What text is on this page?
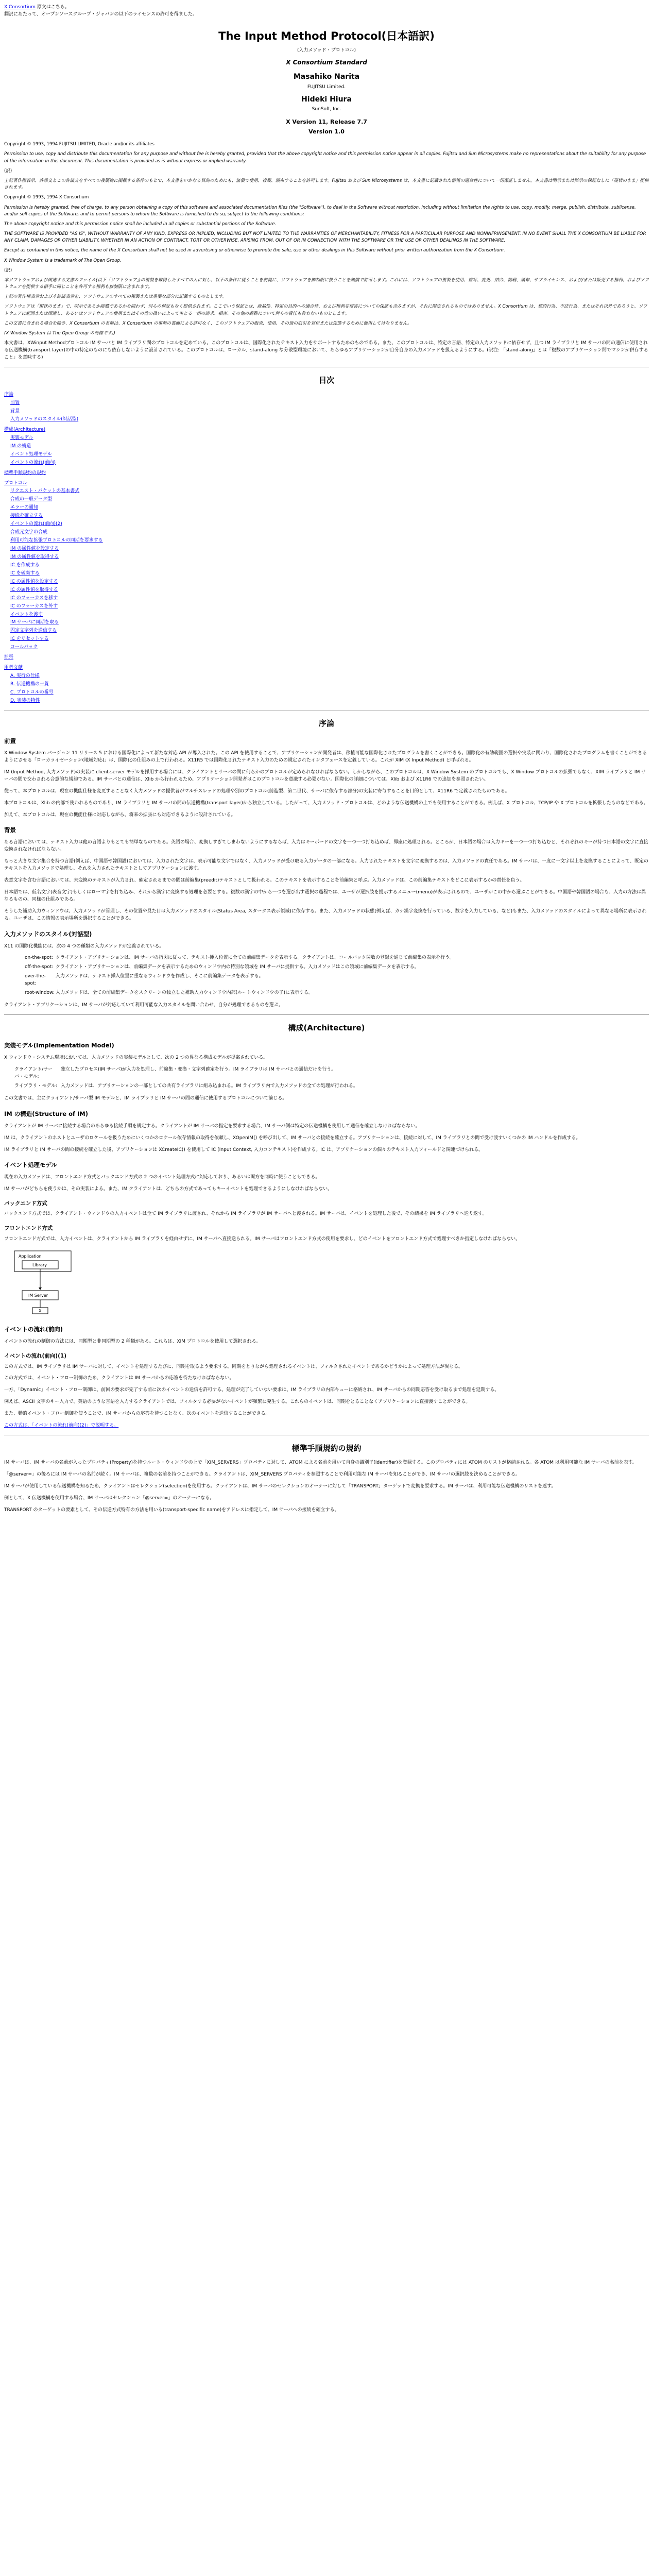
X Consortium 原文はこちら。

翻訳にあたって、オープンソースグループ・ジャパンの以下のライセンスの許可を得ました。

The Input Method Protocol(日本語訳)
(入力メソッド・プロトコル)
X Consortium Standard
Masahiko Narita
FUJITSU Limited.
Hideki Hiura
SunSoft, Inc.
X Version 11, Release 7.7
Version 1.0

Copyright © 1993, 1994 FUJITSU LIMITED, Oracle and/or its affiliates

Permission to use, copy and distribute this documentation for any purpose and without fee is hereby granted, provided that the above copyright notice and this permission notice appear in all copies. Fujitsu and Sun Microsystems make no representations about the suitability for any purpose of the information in this document. This documentation is provided as is without express or implied warranty.

(訳)

上記著作権表示、許諾文とこの許諾文をすべての複製物に掲載する条件のもとで、本文書をいかなる目的のためにも、無償で使用、複製、頒布することを許可します。Fujitsu および Sun Microsystems は、本文書に記載された情報の適合性について一切保証しません。本文書は明示または黙示の保証なしに「現状のまま」提供されます。

Copyright © 1993, 1994 X Consortium

Permission is hereby granted, free of charge, to any person obtaining a copy of this software and associated documentation files (the "Software"), to deal in the Software without restriction, including without limitation the rights to use, copy, modify, merge, publish, distribute, sublicense, and/or sell copies of the Software, and to permit persons to whom the Software is furnished to do so, subject to the following conditions:

The above copyright notice and this permission notice shall be included in all copies or substantial portions of the Software.

THE SOFTWARE IS PROVIDED "AS IS", WITHOUT WARRANTY OF ANY KIND, EXPRESS OR IMPLIED, INCLUDING BUT NOT LIMITED TO THE WARRANTIES OF MERCHANTABILITY, FITNESS FOR A PARTICULAR PURPOSE AND NONINFRINGEMENT. IN NO EVENT SHALL THE X CONSORTIUM BE LIABLE FOR ANY CLAIM, DAMAGES OR OTHER LIABILITY, WHETHER IN AN ACTION OF CONTRACT, TORT OR OTHERWISE, ARISING FROM, OUT OF OR IN CONNECTION WITH THE SOFTWARE OR THE USE OR OTHER DEALINGS IN THE SOFTWARE.

Except as contained in this notice, the name of the X Consortium shall not be used in advertising or otherwise to promote the sale, use or other dealings in this Software without prior written authorization from the X Consortium.

X Window System is a trademark of The Open Group.

(訳)

本ソフトウェアおよび関連する文書のファイル(以下「ソフトウェア」)の複製を取得したすべての人に対し、以下の条件に従うことを前提に、ソフトウェアを無制限に扱うことを無償で許可します。これには、ソフトウェアの複製を使用、複写、変更、結合、掲載、頒布、サブライセンス、および/または販売する権利、およびソフトウェアを提供する相手に同じことを許可する権利も無制限に含まれます。

上記の著作権表示および本許諾表示を、ソフトウェアのすべての複製または重要な部分に記載するものとします。

ソフトウェアは「現状のまま」で、明示であるか暗黙であるかを問わず、何らの保証もなく提供されます。ここでいう保証とは、商品性、特定の目的への適合性、および権利非侵害についての保証も含みますが、それに限定されるものではありません。X Consortium は、契約行為、不法行為、またはそれ以外であろうと、ソフトウェアに起因または関連し、あるいはソフトウェアの使用またはその他の扱いによって生じる一切の請求、損害、その他の義務について何らの責任も負わないものとします。

この文書に含まれる場合を除き、X Consortium の名前は、X Consortium の事前の書面による許可なく、このソフトウェアの販売、使用、その他の取引を宣伝または促進するために使用してはなりません。

(X Window System は The Open Group の商標です。)

本文書は、XWinput Methodプロトコル IM サーバと IM ライブラリ間のプロトコルを定めている。このプロトコルは、国際化されたテキスト入力をサポートするためのものである。また、このプロトコルは、特定の言語、特定の入力メソッドに依存せず、且つ IM ライブラリと IM サーバの間の通信に使用される伝送機構(transport layer)の中の特定のものにも依存しないように設計されている。このプロトコルは、ローカル、stand-along な分散型環境において、あらゆるアプリケーションが自分自身の入力メソッドを扱えるようにする。(訳注: 「stand-along」とは「複数のアプリケーション間でマシンが併存すること」を意味する)

目次
序論
前置
背景
入力メソッドのスタイル(対話型)
構成(Architecture)
実装モデル
IM の構造
イベント処理モデル
イベントの流れ(前向)
標準手順規約の規約
プロトコル
リクエスト・パケットの基本書式
合成の一般データ型
エラーの通知
接続を確立する
イベントの流れ(前向)(2)
合成元文字の合成
利用可能な拡張プロトコルの同期を要求する
IM の属性値を設定する
IM の属性値を取得する
IC を作成する
IC を破棄する
IC の属性値を設定する
IC の属性値を取得する
IC のフォーカスを移す
IC のフォーカスを外す
イベントを渡す
IM サーバに同期を取る
固定文字列を送信する
IC をリセットする
コールバック
拡張
用者文献
A. 実行の仕様
B. 伝送機構の一覧
C. プロトコルの番号
D. 実装の特性
序論
前置

X Window System バージョン 11 リリース 5 における国際化によって新たな対応 API が導入された。この API を使用することで、アプリケーションが開発者は、移植可能な国際化されたプログラムを書くことができる。国際化の有効範囲の選択や実装に関わり、国際化されたプログラムを書くことができるようにさせる「ローカライゼーション(地域対応)」は、国際化の仕組みの上で行われる。X11R5 では国際化されたテキスト入力のための規定されたインタフェースを定義している。これが XIM (X Input Method) と呼ばれる。

IM (Input Method, 入力メソッド)の実装に client-server モデルを採用する場合には、クライアントとサーバの間に何らかのプロトコルが定められなければならない。しかしながら、このプロトコルは、X Window System のプロトコルでも、X Window プロトコルの拡張でもなく、XIM ライブラリと IM サーバの間で交わされる合意的な規約である。IM サーバとの通信は、Xlib から行われるため、アプリケーション開発者はこのプロトコルを意識する必要がない。国際化の詳細については、Xlib および X11R6 での追加を参照されたい。

従って、本プロトコルは、現在の機能仕様を変更することなく入力メソッドの提供者がマルチスレッドの処理や別のプロトコル(前進型、第二世代、サーバに依存する部分)の実装に寄与することを目的として、X11R6 で定義されたものである。

本プロトコルは、Xlib の内部で使われるものであり、IM ライブラリと IM サーバの間の伝送機構(transport layer)から独立している。したがって、入力メソッド・プロトコルは、どのような伝送機構の上でも使用することができる。例えば、X プロトコル、TCP/IP や X プロトコルを拡張したものなどである。

加えて、本プロトコルは、現在の機能仕様に対応しながら、将来の拡張にも対応できるように設計されている。

背景

ある言語においては、テキスト入力は他の言語よりもとても簡単なものである。英語の場合、変換しすぎてしまわないようにするならば、入力はキーボードの文字を一つ一つ打ち込めば、即座に処理される。ところが、日本語の場合は入力キーを一つ一つ打ち込むと、それぞれのキーが持つ日本語の文字に直接変換されなければならない。

もっと大きな文字集合を持つ言語(例えば、中国語や韓国語)においては、入力された文字は、表示可能な文字ではなく、入力メソッドが受け取る入力データの一部になる。入力されたテキストを文字に変換するのは、入力メソッドの責任である。IM サーバは、一度に一文字以上を変換することによって、既定のテキストを入力メソッドで処理し、それを入力されたテキストとしてアプリケーションに渡す。

表意文字を含む言語においては、未変換のテキストが入力され、確定されるまでの間は前編集(preedit)テキストとして扱われる。このテキストを表示することを前編集と呼ぶ。入力メソッドは、この前編集テキストをどこに表示するかの責任を負う。

日本語では、仮名文字(表音文字)もしくはローマ字を打ち込み、それから漢字に変換する処理を必要とする。複数の漢字の中から一つを選び出す選択の過程では、ユーザが選択肢を提示するメニュー(menu)が表示されるので、ユーザがこの中から選ぶことができる。中国語や韓国語の場合も、入力の方法は異なるものの、同様の仕組みである。

そうした補助入力ウィンドウは、入力メソッドが管理し、その位置や見た目は入力メソッドのスタイル(Status Area, スタータス表示領域)に依存する。また、入力メソッドの状態(例えば、カナ漢字変換を行っている、数字を入力している、など)もまた、入力メソッドのスタイルによって異なる場所に表示される。ユーザは、この情報の表示場所を選択することができる。

入力メソッドのスタイル(対話型)

X11 の国際化機能には、次の 4 つの種類の入力メソッドが定義されている。

on-the-spot: クライアント・アプリケーションは、IM サーバの指図に従って、テキスト挿入位置に全ての前編集データを表示する。クライアントは、コールバック関数の登録を通じて前編集の表示を行う。
off-the-spot: クライアント・アプリケーションは、前編集データを表示するためのウィンドウ内の特別な領域を IM サーバに提供する。入力メソッドはこの領域に前編集データを表示する。
over-the-spot:
入力メソッドは、テキスト挿入位置に重なるウィンドウを作成し、そこに前編集データを表示する。
root-window: 入力メソッドは、全ての前編集データをスクリーンの独立した補助入力ウィンドウ内部(ルートウィンドウの子)に表示する。

クライアント・アプリケーションは、IM サーバが対応していて利用可能な入力スタイルを問い合わせ、自分が処理できるものを選ぶ。

構成(Architecture)
実装モデル(Implementation Model)

X ウィンドウ・システム環境においては、入力メソッドの実装モデルとして、次の 2 つの異なる構成モデルが提案されている。

クライアント/サーバ・モデル:
独立したプロセス(IM サーバ)が入力を処理し、前編集・変換・文字列確定を行う。IM ライブラリは IM サーバとの通信だけを行う。
ライブラリ・モデル: 入力メソッドは、アプリケーションの一部としての共有ライブラリに組み込まれる。IM ライブラリ内で入力メソッドの全ての処理が行われる。

この文書では、主にクライアント/サーバ型 IM モデルと、IM ライブラリと IM サーバの間の通信に使用するプロトコルについて論じる。

IM の構造(Structure of IM)

クライアントが IM サーバに接続する場合のあらゆる接続手順を規定する。クライアントが IM サーバの指定を要求する場合、IM サーバ側は特定の伝送機構を使用して通信を確立しなければならない。

IM は、クライアントのホストとユーザのロケールを扱うためにいくつかのロケール依存情報の取得を依頼し、XOpenIM() を呼び出して、IM サーバとの接続を確立する。アプリケーションは、接続に対して、IM ライブラリとの間で受け渡すいくつかの IM ハンドルを作成する。

IM ライブラリと IM サーバの間の接続を確立した後、アプリケーションは XCreateIC() を使用して IC (Input Context, 入力コンテキスト)を作成する。IC は、アプリケーションの個々のテキスト入力フィールドと関連づけられる。

イベント処理モデル

現在の入力メソッドは、フロントエンド方式とバックエンド方式の 2 つのイベント処理方式に対応しており、あるいは両方を同時に使うこともできる。

IM サーバがどちらを使うかは、その実装による。また、IM クライアントは、どちらの方式であってもキーイベントを処理できるようにしなければならない。

バックエンド方式

バックエンド方式では、クライアント・ウィンドウの入力イベントは全て IM ライブラリに渡され、それから IM ライブラリが IM サーバへと渡される。IM サーバは、イベントを処理した後で、その結果を IM ライブラリへ送り返す。

フロントエンド方式

フロントエンド方式では、入力イベントは、クライアントから IM ライブラリを経由せずに、IM サーバへ直接送られる。IM サーバはフロントエンド方式の使用を要求し、どのイベントをフロントエンド方式で処理すべきか指定しなければならない。

Application
Library
IM Server
X
イベントの流れ(前向)

イベントの流れの制御の方法には、同期型と非同期型の 2 種類がある。これらは、XIM プロトコルを使用して選択される。

イベントの流れ(前向)(1)

この方式では、IM ライブラリは IM サーバに対して、イベントを処理するたびに、同期を取るよう要求する。同期をとりながら処理されるイベントは、フィルタされたイベントであるかどうかによって処理方法が異なる。

この方式では、イベント・フロー制御のため、クライアントは IM サーバからの応答を待たなければならない。

一方、「Dynamic」イベント・フロー制御は、前回の要求が完了する前に次のイベントの送信を許可する。処理が完了していない要求は、IM ライブラリの内部キューに格納され、IM サーバからの同期応答を受け取るまで処理を延期する。

例えば、ASCII 文字のキー入力で、英語のような言語を入力するクライアントでは、フィルタする必要がないイベントが頻繁に発生する。これらのイベントは、同期をとることなくアプリケーションに直接渡すことができる。

また、動的イベント・フロー制御を使うことで、IM サーバからの応答を待つことなく、次のイベントを送信することができる。

この方式は、「イベントの流れ(前向)(2)」で説明する。

標準手順規約の規約

IM サーバは、IM サーバの名前が入ったプロパティ(Property)を持つルート・ウィンドウの上で「XIM_SERVERS」プロパティに対して、ATOM による名前を用いて自身の識別子(identifier)を登録する。このプロパティには ATOM のリストが格納される。各 ATOM は利用可能な IM サーバの名前を表す。

「@server=」の後ろには IM サーバの名前が続く。IM サーバは、複数の名前を持つことができる。クライアントは、XIM_SERVERS プロパティを参照することで利用可能な IM サーバを知ることができ、IM サーバの選択肢を決めることができる。

IM サーバが使用している伝送機構を知るため、クライアントはセレクション(selection)を使用する。クライアントは、IM サーバのセレクションのオーナーに対して「TRANSPORT」ターゲットで変換を要求する。IM サーバは、利用可能な伝送機構のリストを返す。

例として、X 伝送機構を使用する場合、IM サーバはセレクション「@server=」のオーナーになる。

TRANSPORT のターゲットの要素として、その伝送方式特有の方法を用いる(transport-specific name)をアドレスに指定して、IM サーバへの接続を確立する。
